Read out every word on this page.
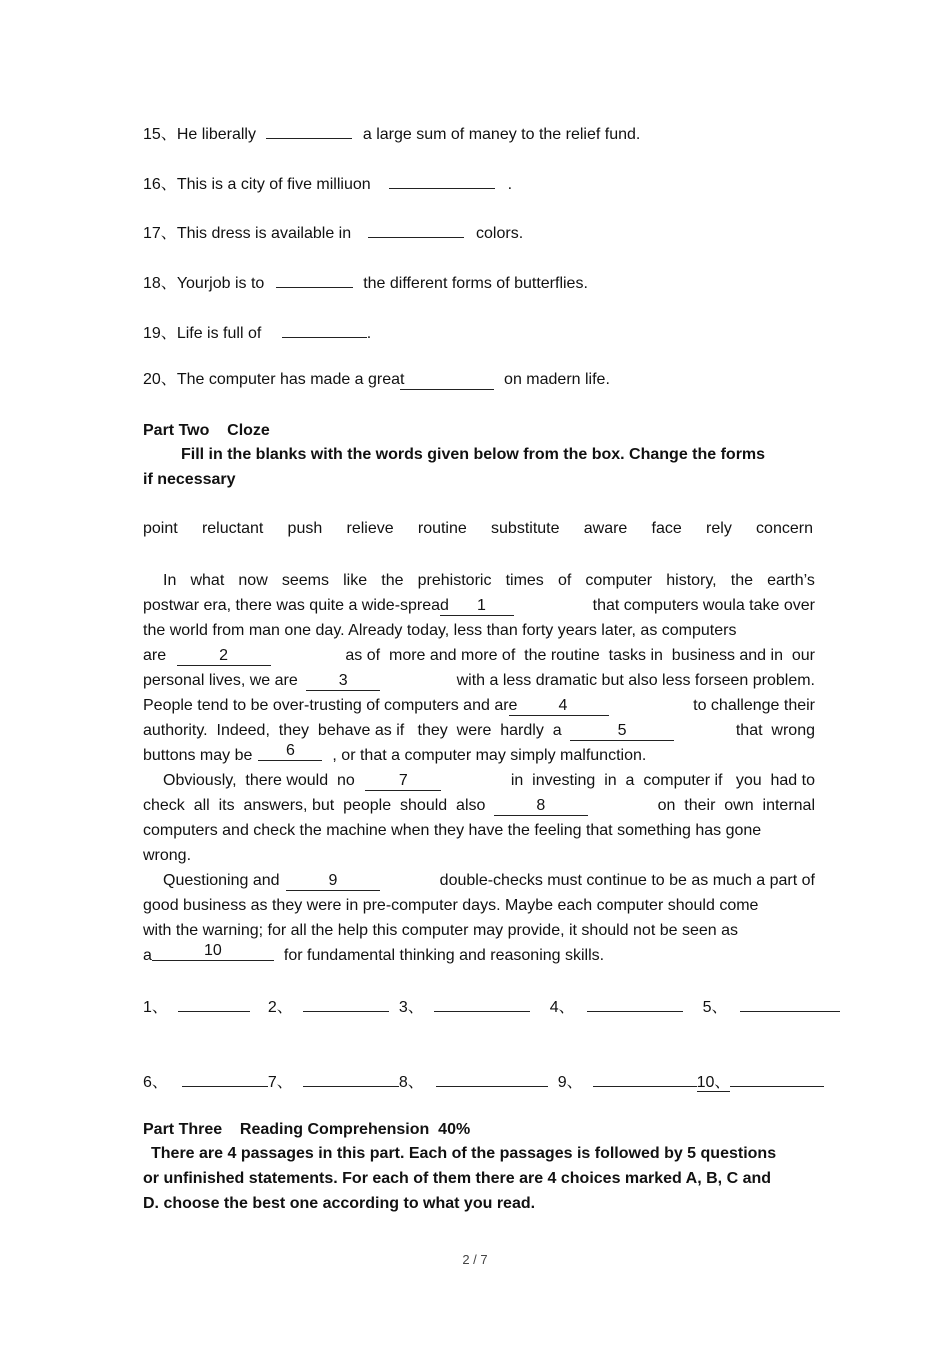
15、He liberally	a large sum of maney to the relief fund.
16、This is a city of five milliuon	.
17、This dress is available in	colors.
18、Yourjob is to	the different forms of butterflies.
19、Life is full of	.
20、The computer has made a great	on madern life.
Part Two    Cloze
Fill in the blanks with the words given below from the box. Change the forms
if necessary
point reluctant push relieve routine substitute aware face rely concern
In what now seems like the prehistoric times of computer history, the earth’s
postwar era, there was quite a wide-sprea d 1	that computers woula take over
the world from man one day. Already today, less than forty years later, as computers
are	2	as of  more and more of  the routine  tasks in  business and in  our
personal lives, we are	3	with a less dramatic but also less forseen problem.
People tend to be over-trusting of computers and ar e	4	to challenge their
authority.  Indeed,  they  behave as if   they  were  hardly  a	5	that  wrong
buttons may be	6	, or that a computer may simply malfunction.
Obviously,  there would  no	7	in  investing  in  a  computer if   you  had to
check  all  its  answers, but  people  should  also	8	on  their  own  internal
computers and check the machine when they have the feeling that something has gone
wrong.
Questioning and	9	double-checks must continue to be as much a part of
good business as they were in pre-computer days. Maybe each computer should come
with the warning; for all the help this computer may provide, it should not be seen as
a	10	for fundamental thinking and reasoning skills.
1、	2、	3、	4、	5、
6、	7、	8、	9、	10、
Part Three    Reading Comprehension  40%
There are 4 passages in this part. Each of the passages is followed by 5 questions
or unfinished statements. For each of them there are 4 choices marked A, B, C and
D. choose the best one according to what you read.
2 / 7
